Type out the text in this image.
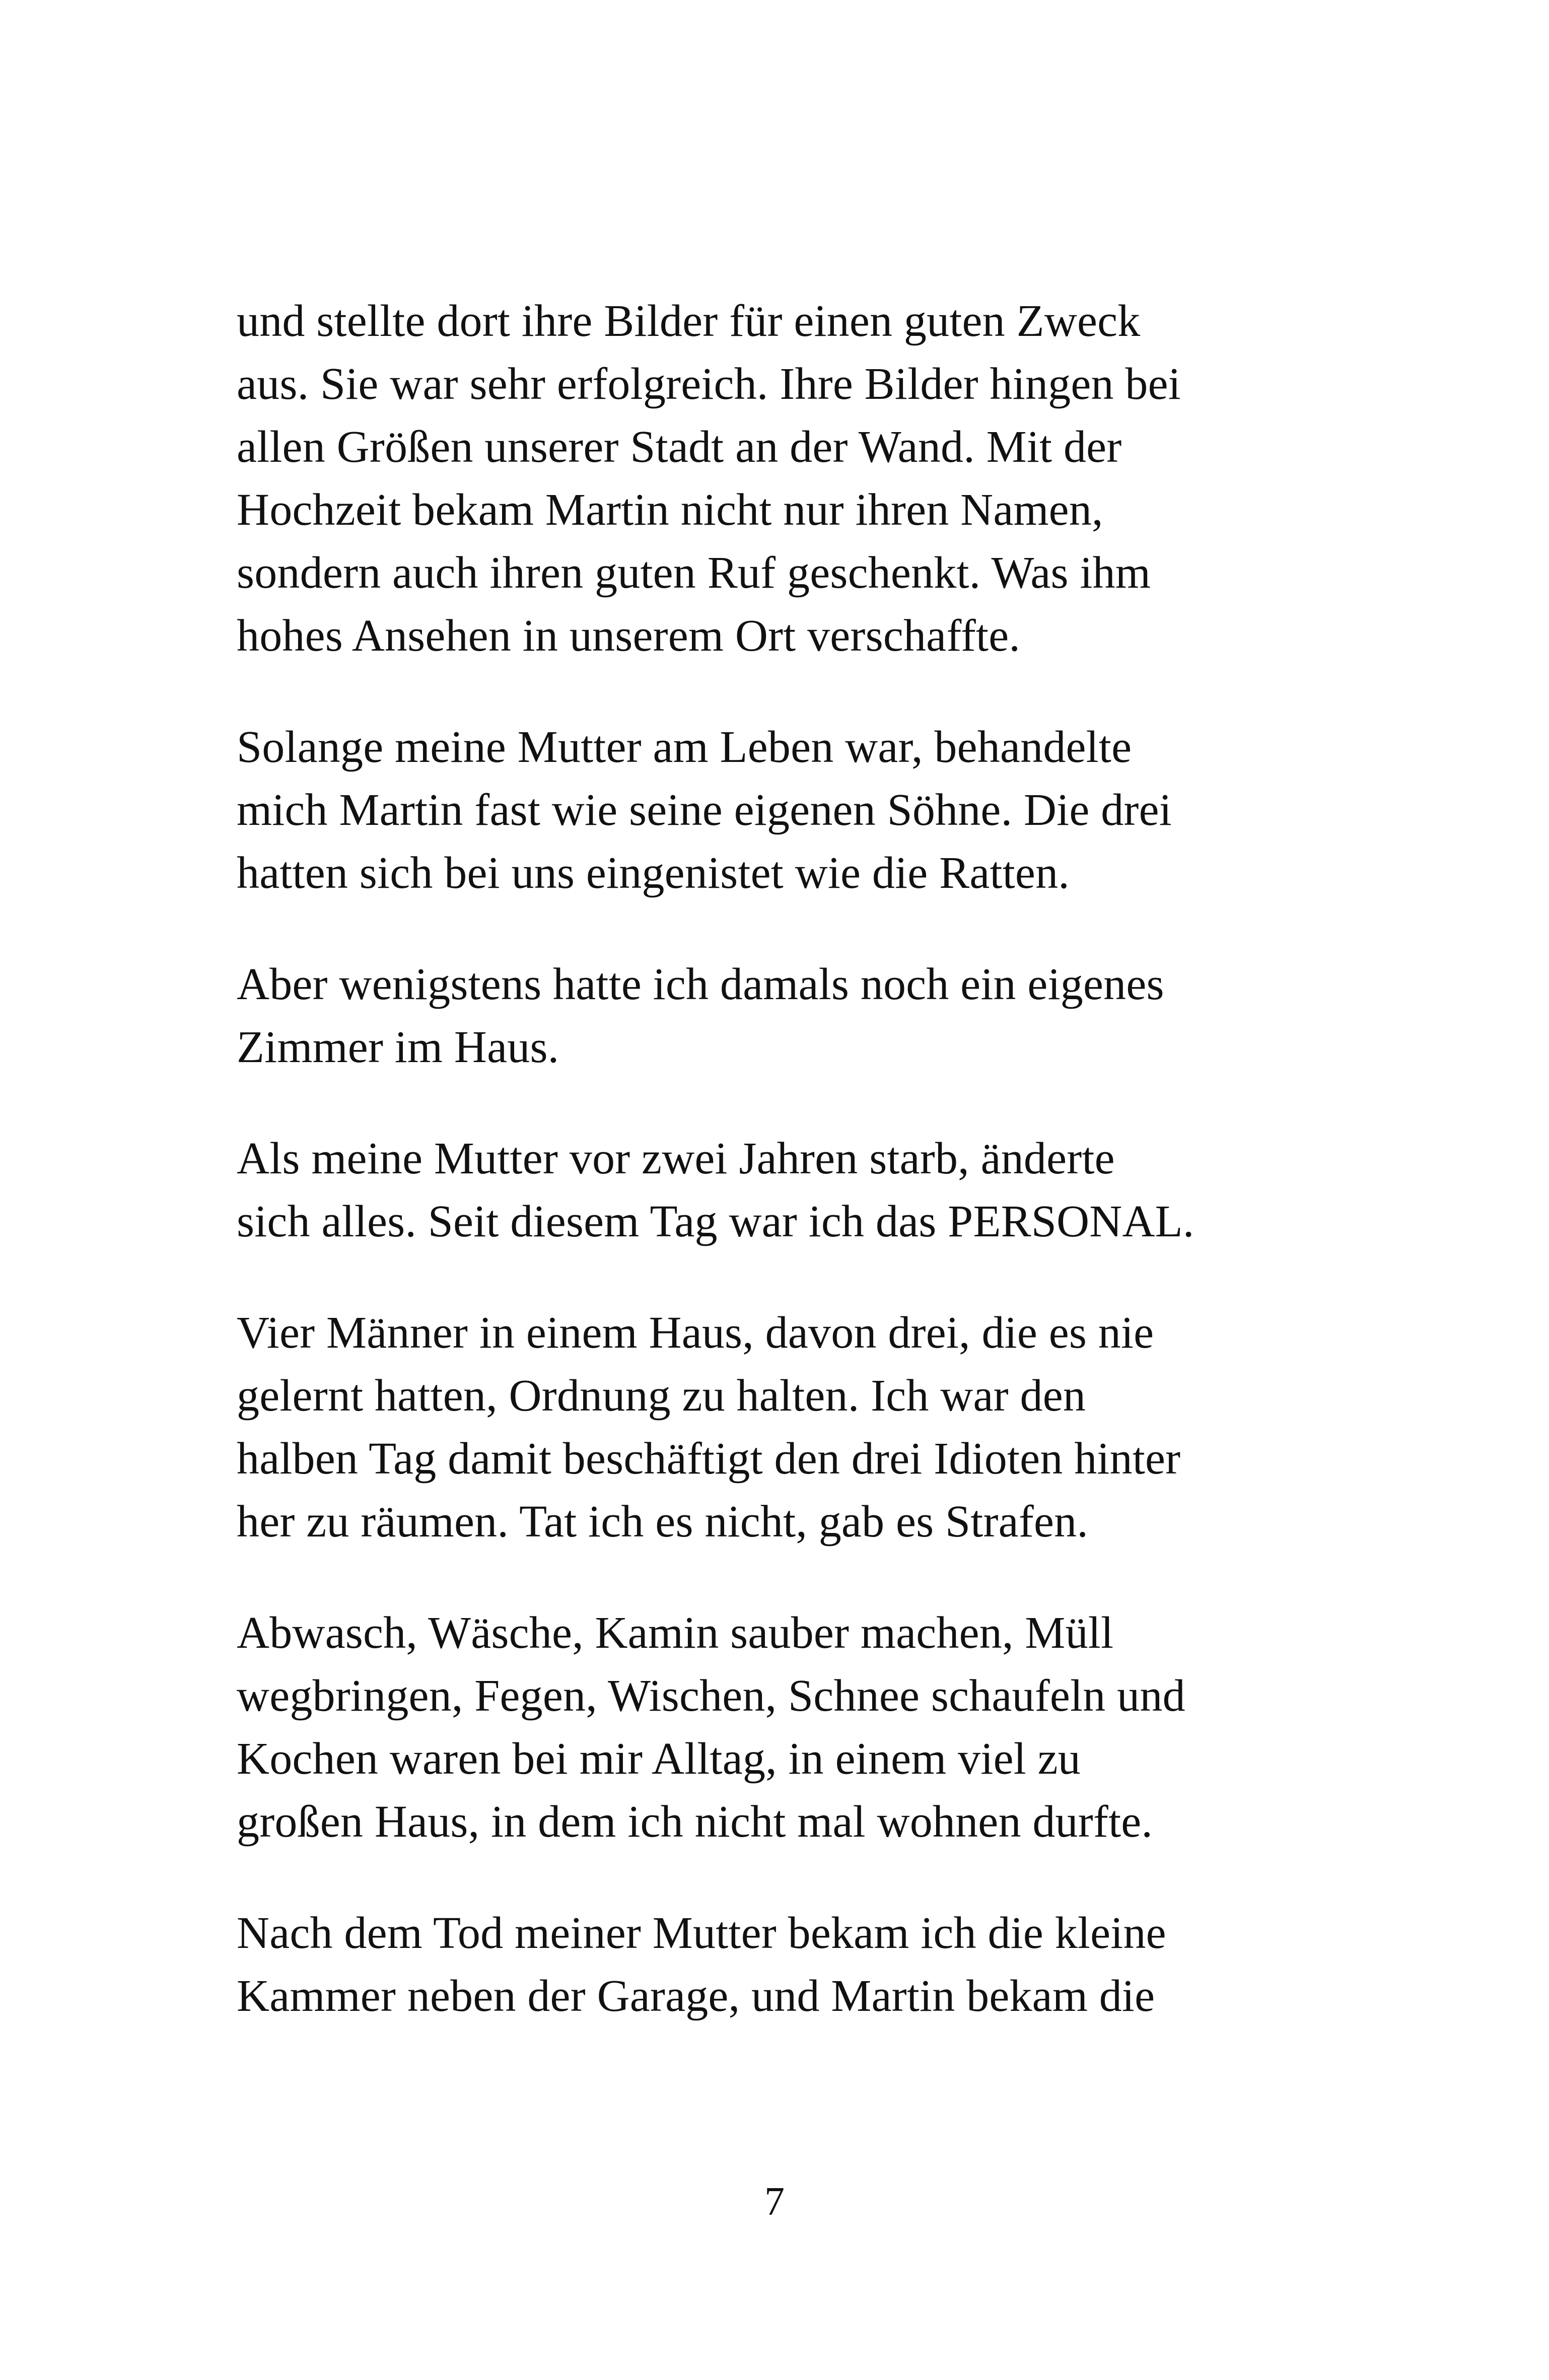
und stellte dort ihre Bilder für einen guten Zweck
aus. Sie war sehr erfolgreich. Ihre Bilder hingen bei
allen Größen unserer Stadt an der Wand. Mit der
Hochzeit bekam Martin nicht nur ihren Namen,
sondern auch ihren guten Ruf geschenkt. Was ihm
hohes Ansehen in unserem Ort verschaffte.

Solange meine Mutter am Leben war, behandelte
mich Martin fast wie seine eigenen Söhne. Die drei
hatten sich bei uns eingenistet wie die Ratten.

Aber wenigstens hatte ich damals noch ein eigenes
Zimmer im Haus.

Als meine Mutter vor zwei Jahren starb, änderte
sich alles. Seit diesem Tag war ich das PERSONAL.

Vier Männer in einem Haus, davon drei, die es nie
gelernt hatten, Ordnung zu halten. Ich war den
halben Tag damit beschäftigt den drei Idioten hinter
her zu räumen. Tat ich es nicht, gab es Strafen.

Abwasch, Wäsche, Kamin sauber machen, Müll
wegbringen, Fegen, Wischen, Schnee schaufeln und
Kochen waren bei mir Alltag, in einem viel zu
großen Haus, in dem ich nicht mal wohnen durfte.

Nach dem Tod meiner Mutter bekam ich die kleine
Kammer neben der Garage, und Martin bekam die

7
